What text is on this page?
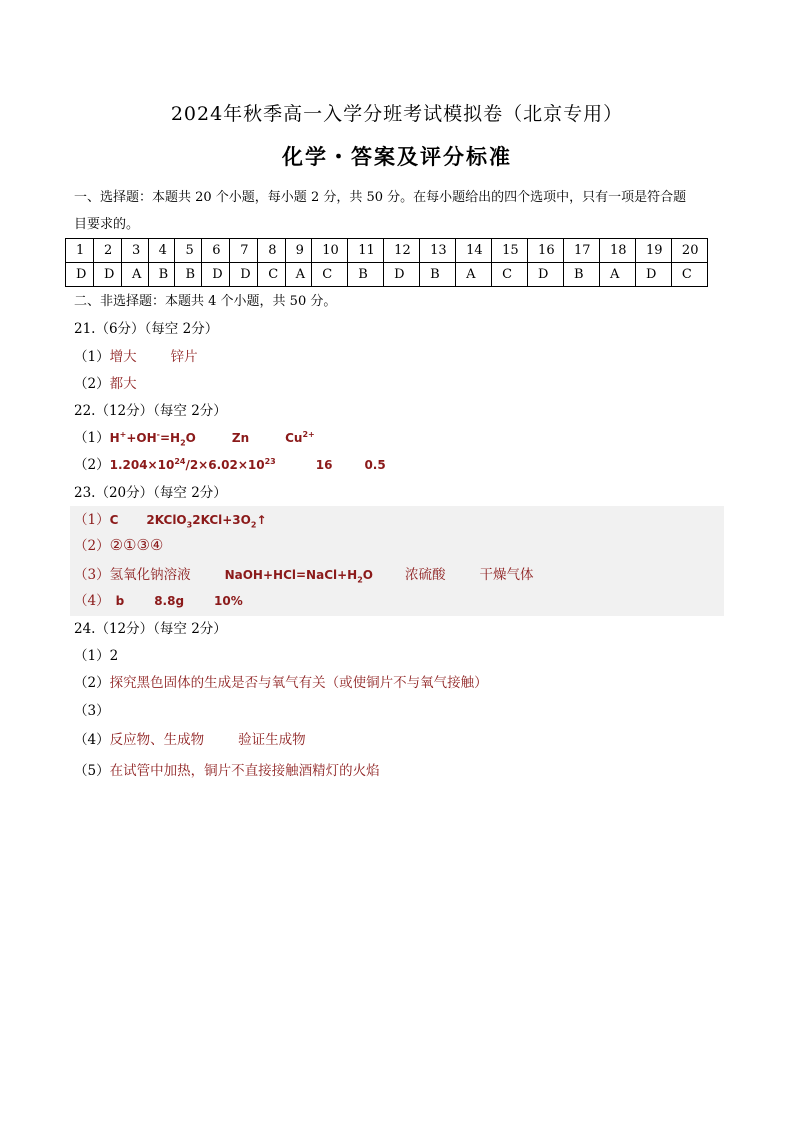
2024年秋季高一入学分班考试模拟卷（北京专用）
化学・答案及评分标准
一、选择题：本题共 20 个小题，每小题 2 分，共 50 分。在每小题给出的四个选项中，只有一项是符合题
目要求的。
1	2	3	4	5	6	7	8	9	10	11	12	13	14	15	16	17	18	19	20
D	D	A	B	B	D	D	C	A	C	B	D	B	A	C	D	B	A	D	C
二、非选择题：本题共 4 个小题，共 50 分。
21.（6分）（每空 2分）
（1）增大	锌片
（2）都大
22.（12分）（每空 2分）
$(1)H^++OH^-=H_2O$	Zn	$Cu^{2+}$
$(2)1.204\times 10^{24}/2\times 6.02\times 10^{23}$	16	0.5
23.（20分）（每空 2分）
（1）C $2KClO_32KCl+3O_2↑$
（2）②①③④
（3）氢氧化钠溶液	$NaOH+HCl=NaCl+H_2O$ 浓硫酸	干燥气体
（4） b	8.8g	10%
24.（12分）（每空 2分）
（1）2
（2）探究黑色固体的生成是否与氧气有关（或使铜片不与氧气接触）
（3）
（4）反应物、生成物	验证生成物
（5）在试管中加热，铜片不直接接触酒精灯的火焰
